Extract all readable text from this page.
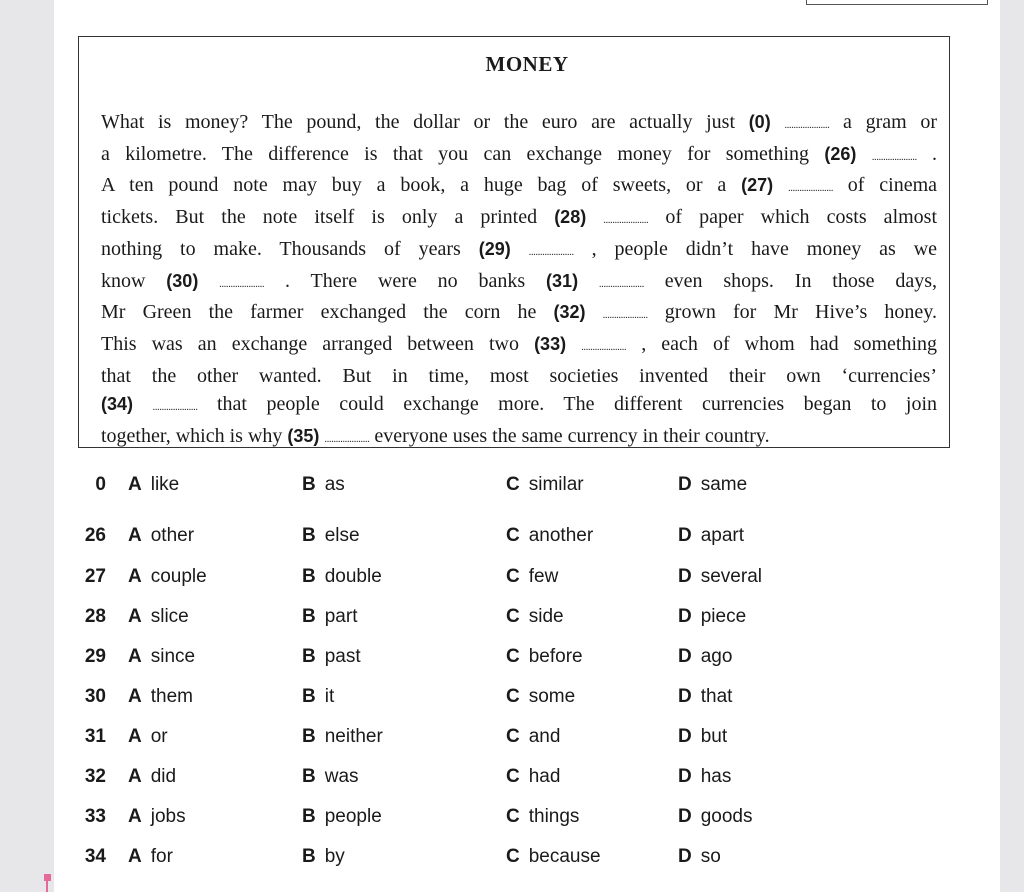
MONEY
What is money? The pound, the dollar or the euro are actually just (0) .................... a gram or
a kilometre. The difference is that you can exchange money for something (26) .................... .
A ten pound note may buy a book, a huge bag of sweets, or a (27) .................... of cinema
tickets. But the note itself is only a printed (28) .................... of paper which costs almost
nothing to make. Thousands of years (29) .................... , people didn’t have money as we
know (30) .................... . There were no banks (31) .................... even shops. In those days,
Mr Green the farmer exchanged the corn he (32) .................... grown for Mr Hive’s honey.
This was an exchange arranged between two (33) .................... , each of whom had something
that the other wanted. But in time, most societies invented their own ‘currencies’
(34) .................... that people could exchange more. The different currencies began to join
together, which is why (35) .................... everyone uses the same currency in their country.
0 A like	B as	C similar	D same
26 A other	B else	C another	D apart
27 A couple	B double	C few	D several
28 A slice	B part	C side	D piece
29 A since	B past	C before	D ago
30 A them	B it	C some	D that
31 A or	B neither	C and	D but
32 A did	B was	C had	D has
33 A jobs	B people	C things	D goods
34 A for	B by	C because	D so
